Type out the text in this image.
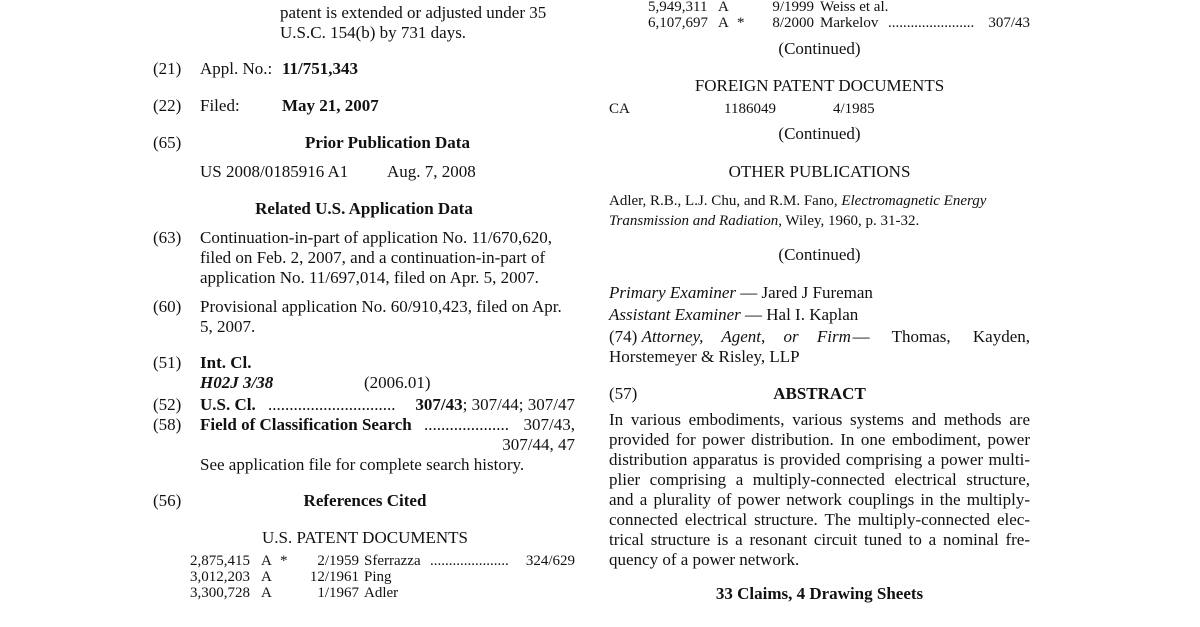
patent is extended or adjusted under 35
U.S.C. 154(b) by 731 days.
(21) Appl. No.: 11/751,343
(22) Filed: May 21, 2007
(65)	Prior Publication Data
US 2008/0185916 A1 Aug. 7, 2008
Related U.S. Application Data
(63) Continuation-in-part of application No. 11/670,620,
filed on Feb. 2, 2007, and a continuation-in-part of
application No. 11/697,014, filed on Apr. 5, 2007.
(60) Provisional application No. 60/910,423, filed on Apr.
5, 2007.
(51) Int. Cl.
H02J 3/38	(2006.01)
(52) U.S. Cl. .............................. 307/43; 307/44; 307/47
(58) Field of Classification Search .................... 307/43,
307/44, 47
See application file for complete search history.
(56)	References Cited
U.S. PATENT DOCUMENTS
2,875,415 A * 2/1959 Sferrazza ..................... 324/629
3,012,203 A	12/1961 Ping
3,300,728 A	1/1967 Adler
5,949,311 A	9/1999 Weiss et al.
6,107,697 A * 8/2000 Markelov ....................... 307/43
(Continued)
FOREIGN PATENT DOCUMENTS
CA	1186049	4/1985
(Continued)
OTHER PUBLICATIONS
Adler, R.B., L.J. Chu, and R.M. Fano, Electromagnetic Energy
Transmission and Radiation, Wiley, 1960, p. 31-32.
(Continued)
Primary Examiner — Jared J Fureman
Assistant Examiner — Hal I. Kaplan
(74) Attorney, Agent, or Firm — Thomas, Kayden,
Horstemeyer & Risley, LLP
(57)	ABSTRACT
In various embodiments, various systems and methods are
provided for power distribution. In one embodiment, power
distribution apparatus is provided comprising a power multi-
plier comprising a multiply-connected electrical structure,
and a plurality of power network couplings in the multiply-
connected electrical structure. The multiply-connected elec-
trical structure is a resonant circuit tuned to a nominal fre-
quency of a power network.
33 Claims, 4 Drawing Sheets
